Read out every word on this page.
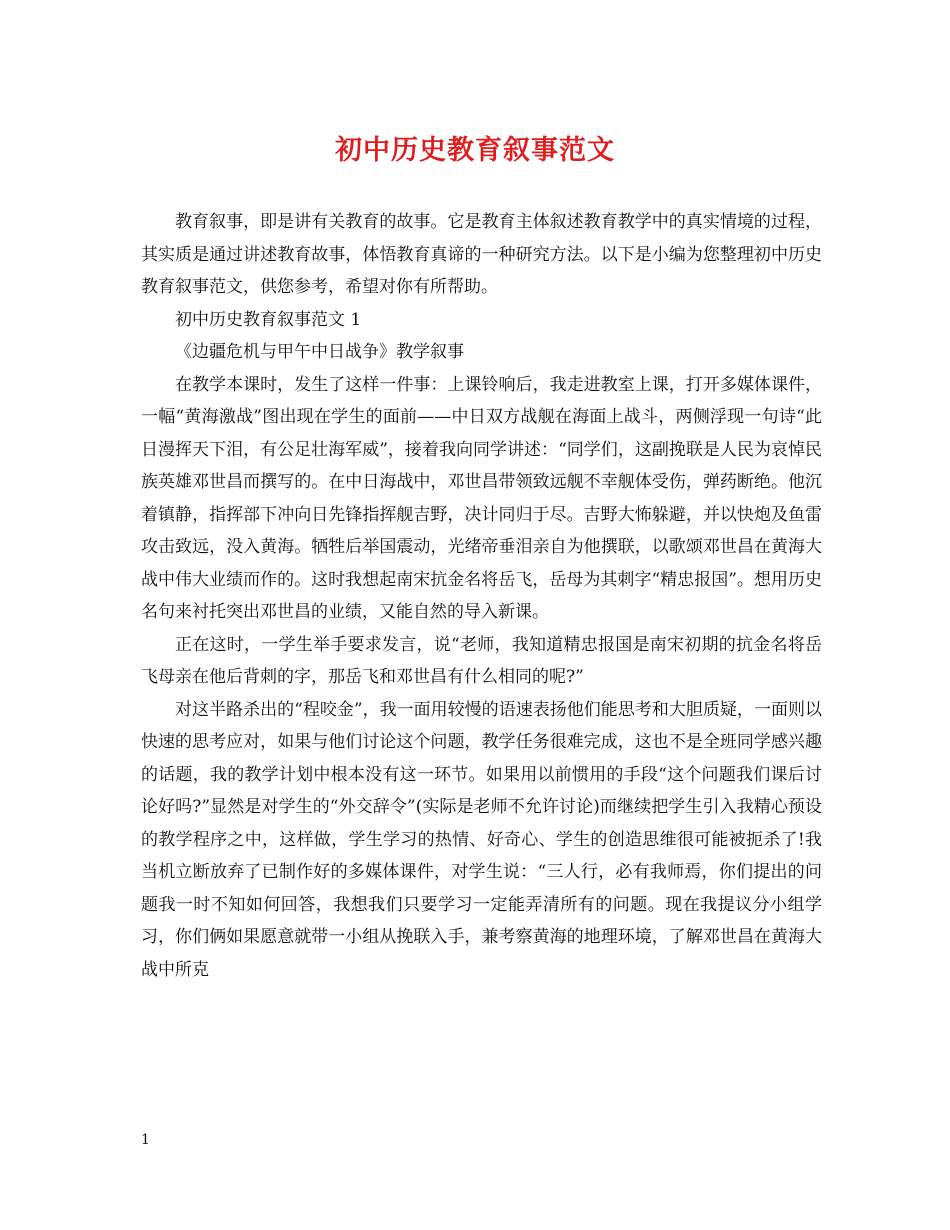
初中历史教育叙事范文

教育叙事，即是讲有关教育的故事。它是教育主体叙述教育教学中的真实情境的过程，其实质是通过讲述教育故事，体悟教育真谛的一种研究方法。以下是小编为您整理初中历史教育叙事范文，供您参考，希望对你有所帮助。

初中历史教育叙事范文 1

《边疆危机与甲午中日战争》教学叙事

在教学本课时，发生了这样一件事：上课铃响后，我走进教室上课，打开多媒体课件，一幅“黄海激战”图出现在学生的面前——中日双方战舰在海面上战斗，两侧浮现一句诗“此日漫挥天下泪，有公足壮海军威”，接着我向同学讲述：“同学们，这副挽联是人民为哀悼民族英雄邓世昌而撰写的。在中日海战中，邓世昌带领致远舰不幸舰体受伤，弹药断绝。他沉着镇静，指挥部下冲向日先锋指挥舰吉野，决计同归于尽。吉野大怖躲避，并以快炮及鱼雷攻击致远，没入黄海。牺牲后举国震动，光绪帝垂泪亲自为他撰联，以歌颂邓世昌在黄海大战中伟大业绩而作的。这时我想起南宋抗金名将岳飞，岳母为其刺字“精忠报国”。想用历史名句来衬托突出邓世昌的业绩，又能自然的导入新课。

正在这时，一学生举手要求发言，说“老师，我知道精忠报国是南宋初期的抗金名将岳飞母亲在他后背刺的字，那岳飞和邓世昌有什么相同的呢?”

对这半路杀出的“程咬金”，我一面用较慢的语速表扬他们能思考和大胆质疑，一面则以快速的思考应对，如果与他们讨论这个问题，教学任务很难完成，这也不是全班同学感兴趣的话题，我的教学计划中根本没有这一环节。如果用以前惯用的手段“这个问题我们课后讨论好吗?”显然是对学生的“外交辞令”(实际是老师不允许讨论)而继续把学生引入我精心预设的教学程序之中，这样做，学生学习的热情、好奇心、学生的创造思维很可能被扼杀了!我当机立断放弃了已制作好的多媒体课件，对学生说：“三人行，必有我师焉，你们提出的问题我一时不知如何回答，我想我们只要学习一定能弄清所有的问题。现在我提议分小组学习，你们俩如果愿意就带一小组从挽联入手，兼考察黄海的地理环境，了解邓世昌在黄海大战中所克

1
